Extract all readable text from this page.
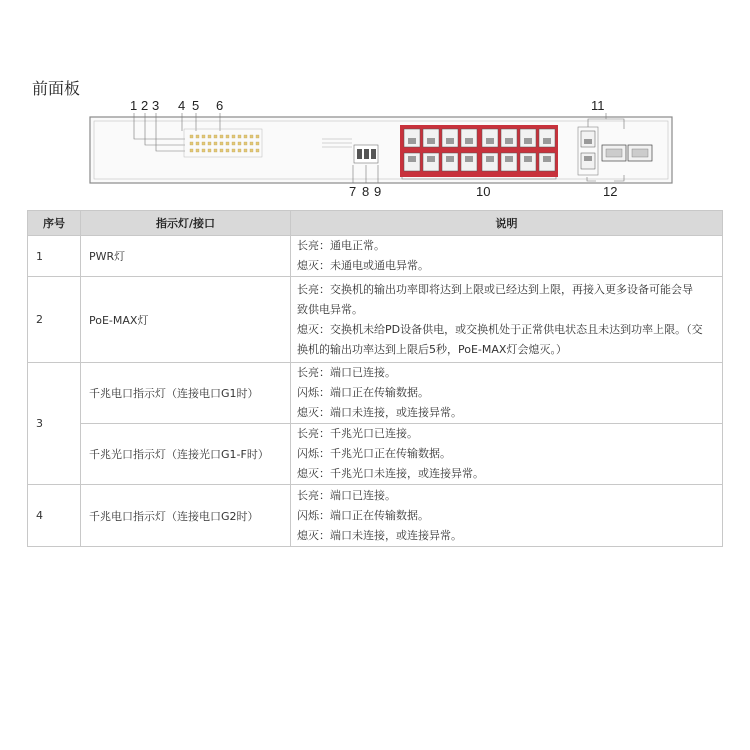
前面板
1 2 3 4 5 6	11
7 8 9	10	12
序号	指示灯/接口	说明
1	PWR灯	长亮：通电正常。
熄灭：未通电或通电异常。

2	PoE-MAX灯	长亮：交换机的输出功率即将达到上限或已经达到上限，再接入更多设备可能会导
致供电异常。
熄灭：交换机未给PD设备供电，或交换机处于正常供电状态且未达到功率上限。（交
换机的输出功率达到上限后5秒，PoE-MAX灯会熄灭。）

3	千兆电口指示灯（连接电口G1时）	长亮：端口已连接。
闪烁：端口正在传输数据。
熄灭：端口未连接，或连接异常。

	千兆光口指示灯（连接光口G1-F时）	长亮：千兆光口已连接。
闪烁：千兆光口正在传输数据。
熄灭：千兆光口未连接，或连接异常。

4	千兆电口指示灯（连接电口G2时）	长亮：端口已连接。
闪烁：端口正在传输数据。
熄灭：端口未连接，或连接异常。
